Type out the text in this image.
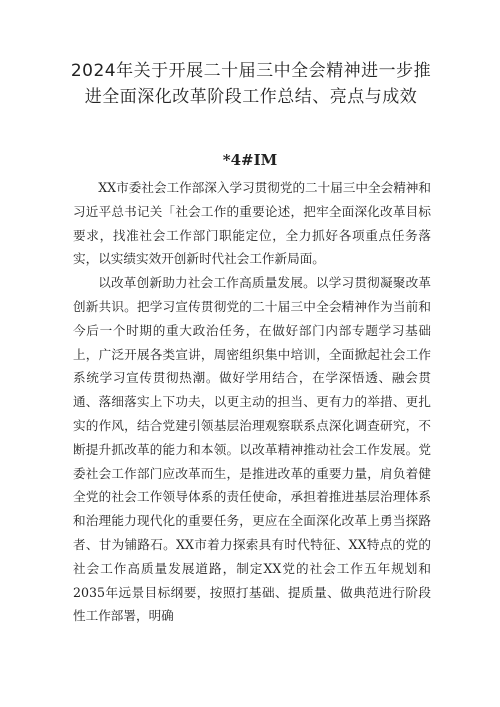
2024年关于开展二十届三中全会精神进一步推进全面深化改革阶段工作总结、亮点与成效
*4#IM

XX市委社会工作部深入学习贯彻党的二十届三中全会精神和习近平总书记关「社会工作的重要论述，把牢全面深化改革目标要求，找准社会工作部门职能定位，全力抓好各项重点任务落实，以实绩实效开创新时代社会工作新局面。

以改革创新助力社会工作高质量发展。以学习贯彻凝聚改革创新共识。把学习宣传贯彻党的二十届三中全会精神作为当前和今后一个时期的重大政治任务，在做好部门内部专题学习基础上，广泛开展各类宣讲，周密组织集中培训，全面掀起社会工作系统学习宣传贯彻热潮。做好学用结合，在学深悟透、融会贯通、落细落实上下功夫，以更主动的担当、更有力的举措、更扎实的作风，结合党建引领基层治理观察联系点深化调查研究，不断提升抓改革的能力和本领。以改革精神推动社会工作发展。党委社会工作部门应改革而生，是推进改革的重要力量，肩负着健全党的社会工作领导体系的责任使命，承担着推进基层治理体系和治理能力现代化的重要任务，更应在全面深化改革上勇当探路者、甘为铺路石。XX市着力探索具有时代特征、XX特点的党的社会工作高质量发展道路，制定XX党的社会工作五年规划和2035年远景目标纲要，按照打基础、提质量、做典范进行阶段性工作部署，明确
